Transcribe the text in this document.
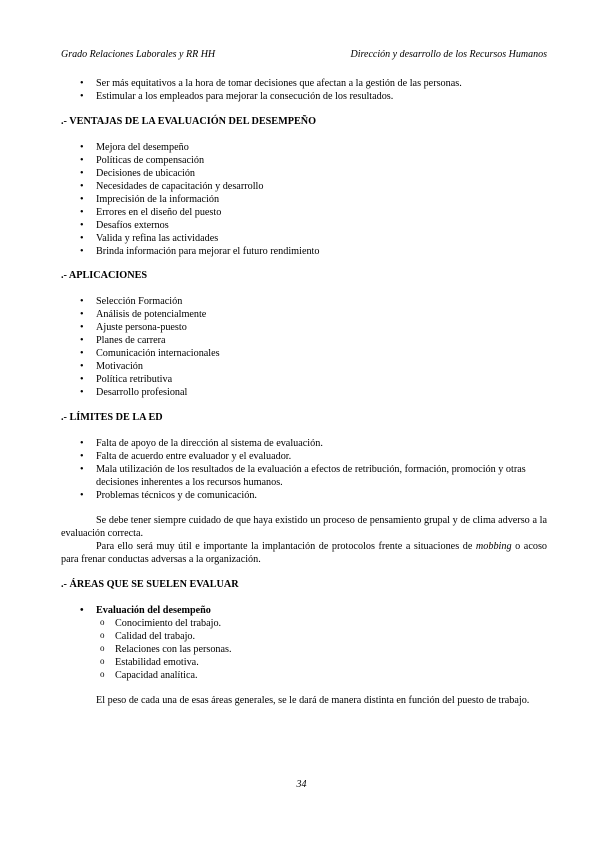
Grado Relaciones Laborales y RR HH	Dirección y desarrollo de los Recursos Humanos
• Ser más equitativos a la hora de tomar decisiones que afectan a la gestión de las personas.
• Estimular a los empleados para mejorar la consecución de los resultados.
.- VENTAJAS DE LA EVALUACIÓN DEL DESEMPEÑO
• Mejora del desempeño
• Políticas de compensación
• Decisiones de ubicación
• Necesidades de capacitación y desarrollo
• Imprecisión de la información
• Errores en el diseño del puesto
• Desafíos externos
• Valida y refina las actividades
• Brinda información para mejorar el futuro rendimiento
.- APLICACIONES
• Selección Formación
• Análisis de potencialmente
• Ajuste persona-puesto
• Planes de carrera
• Comunicación internacionales
• Motivación
• Política retributiva
• Desarrollo profesional
.- LÍMITES DE LA ED
• Falta de apoyo de la dirección al sistema de evaluación.
• Falta de acuerdo entre evaluador y el evaluador.
• Mala utilización de los resultados de la evaluación a efectos de retribución, formación, promoción y otras decisiones inherentes a los recursos humanos.
• Problemas técnicos y de comunicación.
Se debe tener siempre cuidado de que haya existido un proceso de pensamiento grupal y de clima adverso a la evaluación correcta.
Para ello será muy útil e importante la implantación de protocolos frente a situaciones de mobbing o acoso para frenar conductas adversas a la organización.
.- ÁREAS QUE SE SUELEN EVALUAR
• Evaluación del desempeño
o Conocimiento del trabajo.
o Calidad del trabajo.
o Relaciones con las personas.
o Estabilidad emotiva.
o Capacidad analítica.
El peso de cada una de esas áreas generales, se le dará de manera distinta en función del puesto de trabajo.
34
